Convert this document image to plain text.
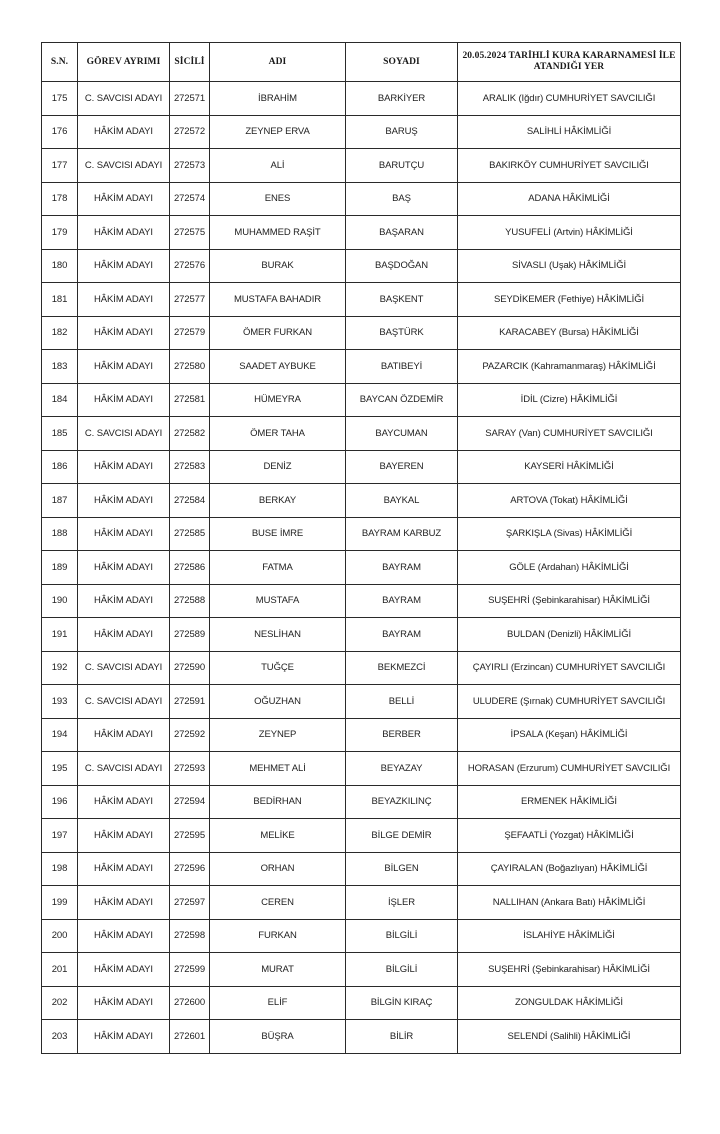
S.N.	GÖREV AYRIMI	SİCİLİ	ADI	SOYADI	20.05.2024 TARİHLİ KURA KARARNAMESİ İLE ATANDIĞI YER
175	C. SAVCISI ADAYI	272571	İBRAHİM	BARKİYER	ARALIK (Iğdır) CUMHURİYET SAVCILIĞI
176	HÂKİM ADAYI	272572	ZEYNEP ERVA	BARUŞ	SALİHLİ HÂKİMLİĞİ
177	C. SAVCISI ADAYI	272573	ALİ	BARUTÇU	BAKIRKÖY CUMHURİYET SAVCILIĞI
178	HÂKİM ADAYI	272574	ENES	BAŞ	ADANA HÂKİMLİĞİ
179	HÂKİM ADAYI	272575	MUHAMMED RAŞİT	BAŞARAN	YUSUFELİ (Artvin) HÂKİMLİĞİ
180	HÂKİM ADAYI	272576	BURAK	BAŞDOĞAN	SİVASLI (Uşak) HÂKİMLİĞİ
181	HÂKİM ADAYI	272577	MUSTAFA BAHADIR	BAŞKENT	SEYDİKEMER (Fethiye) HÂKİMLİĞİ
182	HÂKİM ADAYI	272579	ÖMER FURKAN	BAŞTÜRK	KARACABEY (Bursa) HÂKİMLİĞİ
183	HÂKİM ADAYI	272580	SAADET AYBUKE	BATIBEYİ	PAZARCIK (Kahramanmaraş) HÂKİMLİĞİ
184	HÂKİM ADAYI	272581	HÜMEYRA	BAYCAN ÖZDEMİR	İDİL (Cizre) HÂKİMLİĞİ
185	C. SAVCISI ADAYI	272582	ÖMER TAHA	BAYCUMAN	SARAY (Van) CUMHURİYET SAVCILIĞI
186	HÂKİM ADAYI	272583	DENİZ	BAYEREN	KAYSERİ HÂKİMLİĞİ
187	HÂKİM ADAYI	272584	BERKAY	BAYKAL	ARTOVA (Tokat) HÂKİMLİĞİ
188	HÂKİM ADAYI	272585	BUSE İMRE	BAYRAM KARBUZ	ŞARKIŞLA (Sivas) HÂKİMLİĞİ
189	HÂKİM ADAYI	272586	FATMA	BAYRAM	GÖLE (Ardahan) HÂKİMLİĞİ
190	HÂKİM ADAYI	272588	MUSTAFA	BAYRAM	SUŞEHRİ (Şebinkarahisar) HÂKİMLİĞİ
191	HÂKİM ADAYI	272589	NESLİHAN	BAYRAM	BULDAN (Denizli) HÂKİMLİĞİ
192	C. SAVCISI ADAYI	272590	TUĞÇE	BEKMEZCİ	ÇAYIRLI (Erzincan) CUMHURİYET SAVCILIĞI
193	C. SAVCISI ADAYI	272591	OĞUZHAN	BELLİ	ULUDERE (Şırnak) CUMHURİYET SAVCILIĞI
194	HÂKİM ADAYI	272592	ZEYNEP	BERBER	İPSALA (Keşan) HÂKİMLİĞİ
195	C. SAVCISI ADAYI	272593	MEHMET ALİ	BEYAZAY	HORASAN (Erzurum) CUMHURİYET SAVCILIĞI
196	HÂKİM ADAYI	272594	BEDİRHAN	BEYAZKILINÇ	ERMENEK HÂKİMLİĞİ
197	HÂKİM ADAYI	272595	MELİKE	BİLGE DEMİR	ŞEFAATLİ (Yozgat) HÂKİMLİĞİ
198	HÂKİM ADAYI	272596	ORHAN	BİLGEN	ÇAYIRALAN (Boğazlıyan) HÂKİMLİĞİ
199	HÂKİM ADAYI	272597	CEREN	İŞLER	NALLIHAN (Ankara Batı) HÂKİMLİĞİ
200	HÂKİM ADAYI	272598	FURKAN	BİLGİLİ	İSLAHİYE HÂKİMLİĞİ
201	HÂKİM ADAYI	272599	MURAT	BİLGİLİ	SUŞEHRİ (Şebinkarahisar) HÂKİMLİĞİ
202	HÂKİM ADAYI	272600	ELİF	BİLGİN KIRAÇ	ZONGULDAK HÂKİMLİĞİ
203	HÂKİM ADAYI	272601	BÜŞRA	BİLİR	SELENDİ (Salihli) HÂKİMLİĞİ
